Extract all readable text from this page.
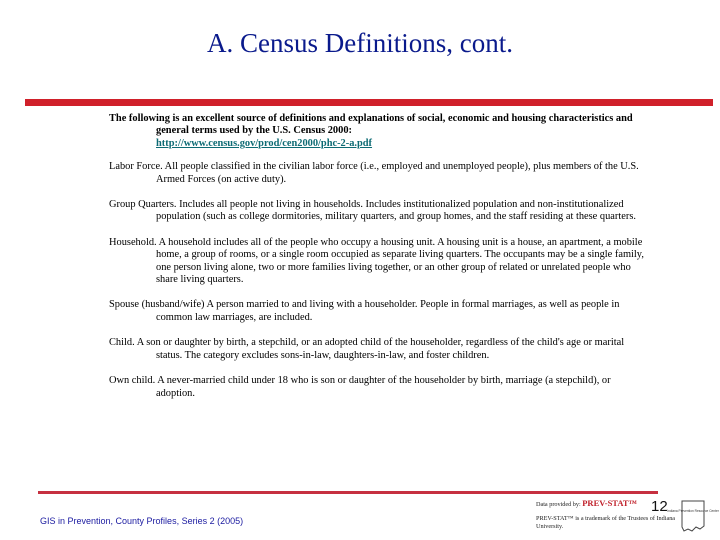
A. Census Definitions, cont.

The following is an excellent source of definitions and explanations of social, economic and housing characteristics and general terms used by the U.S. Census 2000:
http://www.census.gov/prod/cen2000/phc-2-a.pdf

Labor Force. All people classified in the civilian labor force (i.e., employed and unemployed people), plus members of the U.S. Armed Forces (on active duty).

Group Quarters. Includes all people not living in households. Includes institutionalized population and non-institutionalized population (such as college dormitories, military quarters, and group homes, and the staff residing at these quarters.

Household. A household includes all of the people who occupy a housing unit. A housing unit is a house, an apartment, a mobile home, a group of rooms, or a single room occupied as separate living quarters. The occupants may be a single family, one person living alone, two or more families living together, or an other group of related or unrelated people who share living quarters.

Spouse (husband/wife) A person married to and living with a householder. People in formal marriages, as well as people in common law marriages, are included.

Child. A son or daughter by birth, a stepchild, or an adopted child of the householder, regardless of the child's age or marital status. The category excludes sons-in-law, daughters-in-law, and foster children.

Own child. A never-married child under 18 who is son or daughter of the householder by birth, marriage (a stepchild), or adoption.

GIS in Prevention, County Profiles, Series 2 (2005)
12
Data provided by: PREV-STAT™
PREV-STAT™ is a trademark of the Trustees of Indiana University.
Indiana Prevention Resource Center
